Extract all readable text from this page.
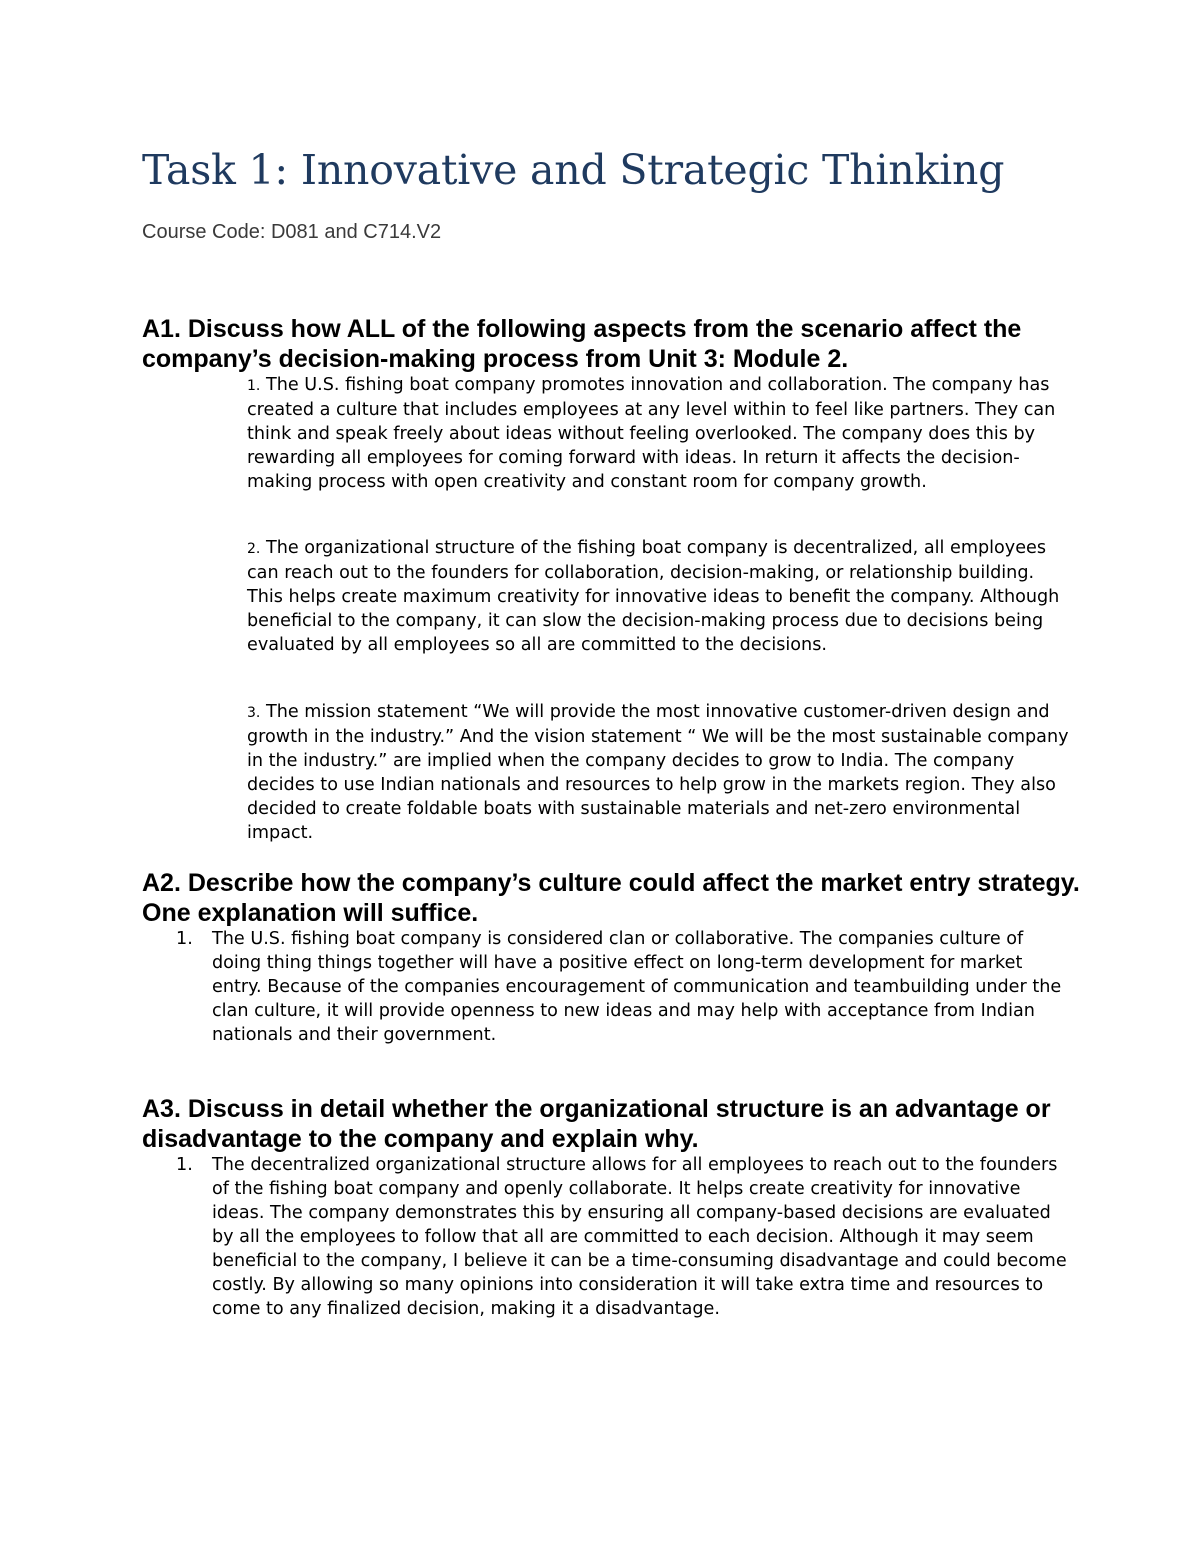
Task 1: Innovative and Strategic Thinking
Course Code: D081 and C714.V2
A1. Discuss how ALL of the following aspects from the scenario affect the company’s decision-making process from Unit 3: Module 2.

1. The U.S. fishing boat company promotes innovation and collaboration. The company has created a culture that includes employees at any level within to feel like partners. They can think and speak freely about ideas without feeling overlooked. The company does this by rewarding all employees for coming forward with ideas. In return it affects the decision-making process with open creativity and constant room for company growth.

2. The organizational structure of the fishing boat company is decentralized, all employees can reach out to the founders for collaboration, decision-making, or relationship building. This helps create maximum creativity for innovative ideas to benefit the company. Although beneficial to the company, it can slow the decision-making process due to decisions being evaluated by all employees so all are committed to the decisions.

3. The mission statement “We will provide the most innovative customer-driven design and growth in the industry.” And the vision statement “ We will be the most sustainable company in the industry.” are implied when the company decides to grow to India. The company decides to use Indian nationals and resources to help grow in the markets region. They also decided to create foldable boats with sustainable materials and net-zero environmental impact.

A2. Describe how the company’s culture could affect the market entry strategy. One explanation will suffice.
1. The U.S. fishing boat company is considered clan or collaborative. The companies culture of doing thing things together will have a positive effect on long-term development for market entry. Because of the companies encouragement of communication and teambuilding under the clan culture, it will provide openness to new ideas and may help with acceptance from Indian nationals and their government.
A3. Discuss in detail whether the organizational structure is an advantage or disadvantage to the company and explain why.
1. The decentralized organizational structure allows for all employees to reach out to the founders of the fishing boat company and openly collaborate. It helps create creativity for innovative ideas. The company demonstrates this by ensuring all company-based decisions are evaluated by all the employees to follow that all are committed to each decision. Although it may seem beneficial to the company, I believe it can be a time-consuming disadvantage and could become costly. By allowing so many opinions into consideration it will take extra time and resources to come to any finalized decision, making it a disadvantage.
